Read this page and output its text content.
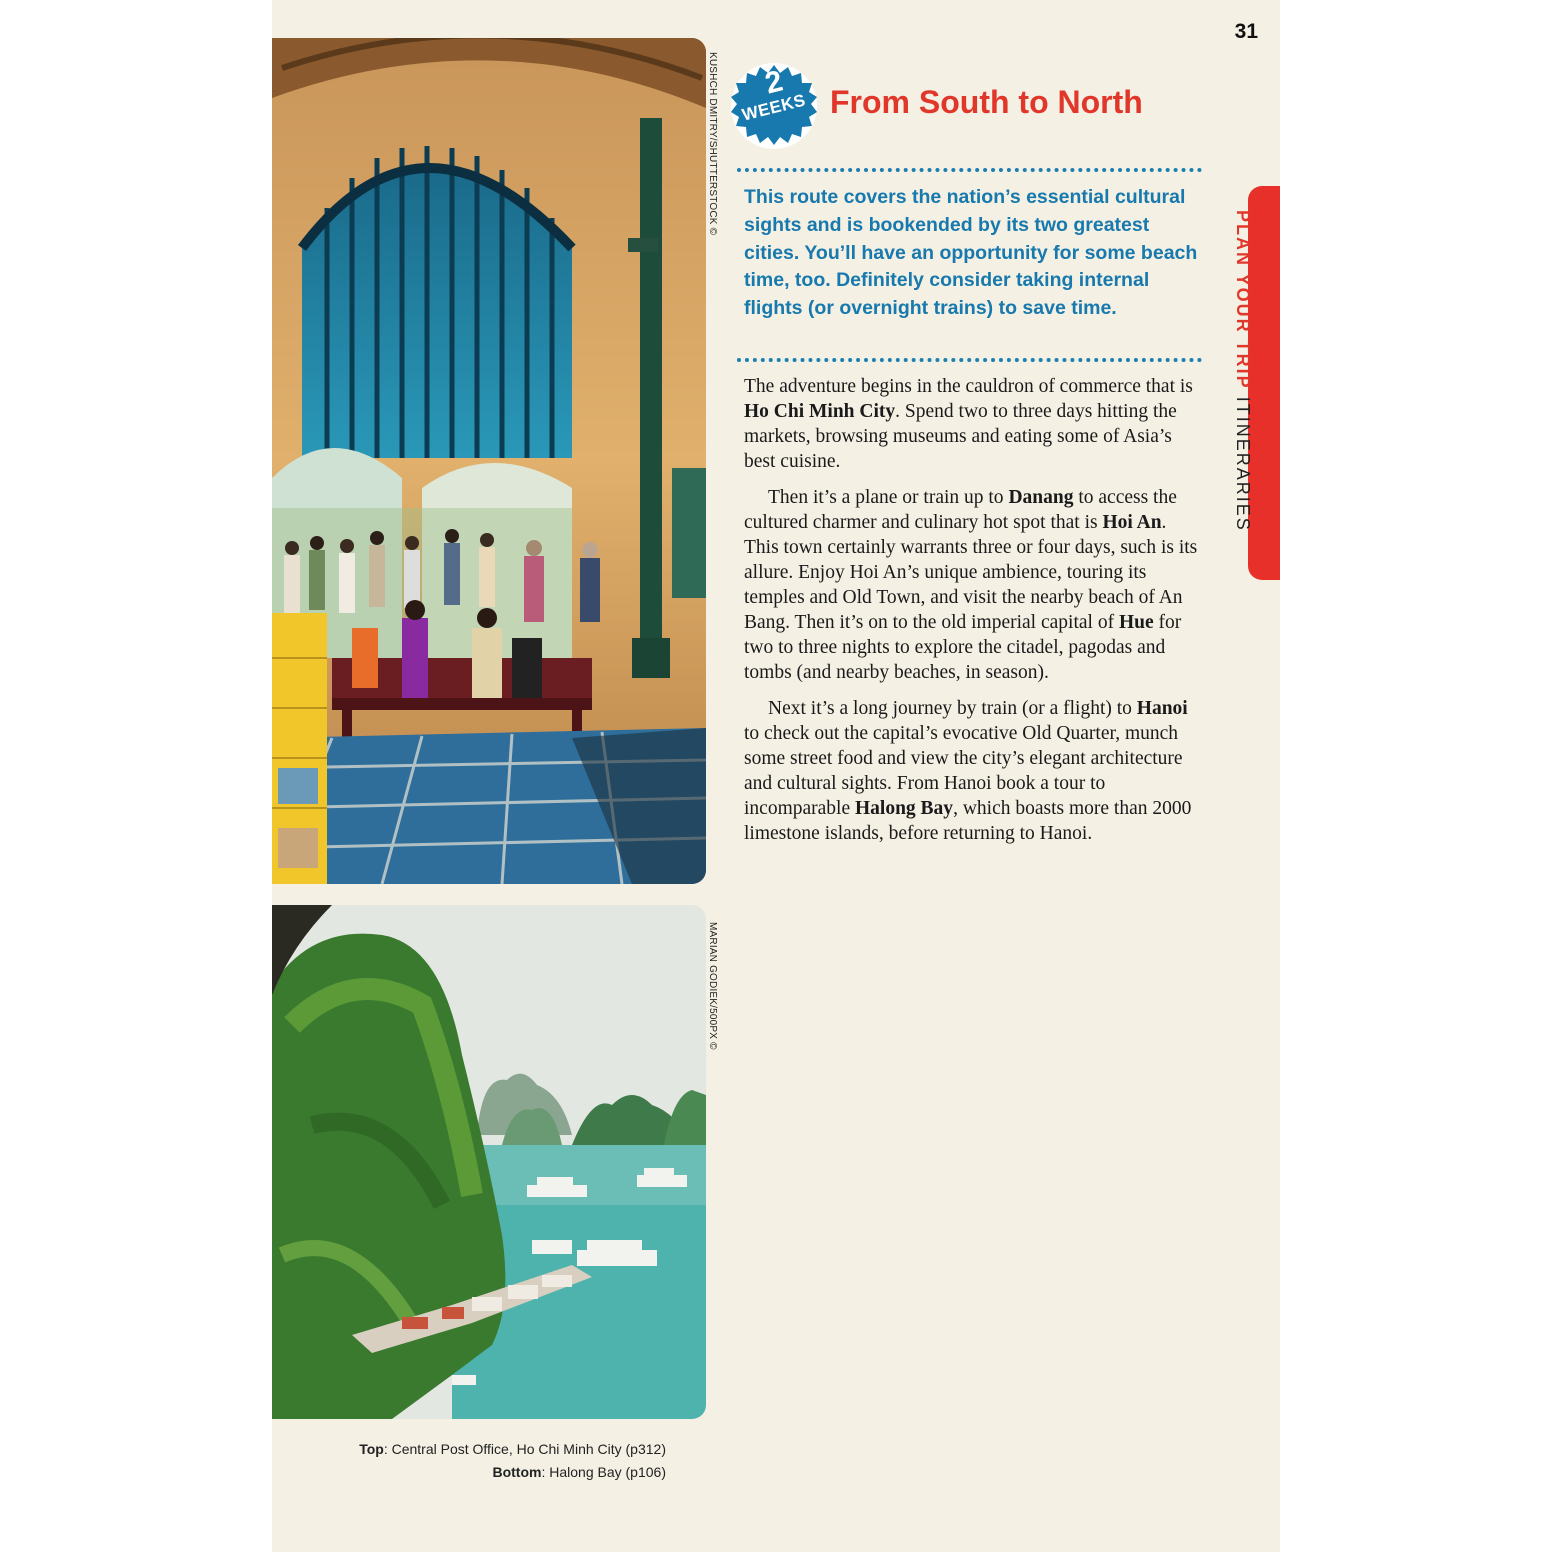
31
KUSHCH DMITRY/SHUTTERSTOCK ©
MARIAN GODIEK/500PX ©
Top: Central Post Office, Ho Chi Minh City (p312)
Bottom: Halong Bay (p106)
2
WEEKS From South to North

This route covers the nation’s essential cultural sights and is bookended by its two greatest cities. You’ll have an opportunity for some beach time, too. Definitely consider taking internal flights (or overnight trains) to save time.

The adventure begins in the cauldron of commerce that is Ho Chi Minh City. Spend two to three days hitting the markets, browsing museums and eating some of Asia’s best cuisine.

Then it’s a plane or train up to Danang to access the cultured charmer and culinary hot spot that is Hoi An. This town certainly warrants three or four days, such is its allure. Enjoy Hoi An’s unique ambience, touring its temples and Old Town, and visit the nearby beach of An Bang. Then it’s on to the old imperial capital of Hue for two to three nights to explore the citadel, pagodas and tombs (and nearby beaches, in season).

Next it’s a long journey by train (or a flight) to Hanoi to check out the capital’s evocative Old Quarter, munch some street food and view the city’s elegant architecture and cultural sights. From Hanoi book a tour to incomparable Halong Bay, which boasts more than 2000 limestone islands, before returning to Hanoi.

PLAN YOUR TRIP ITINERARIES
